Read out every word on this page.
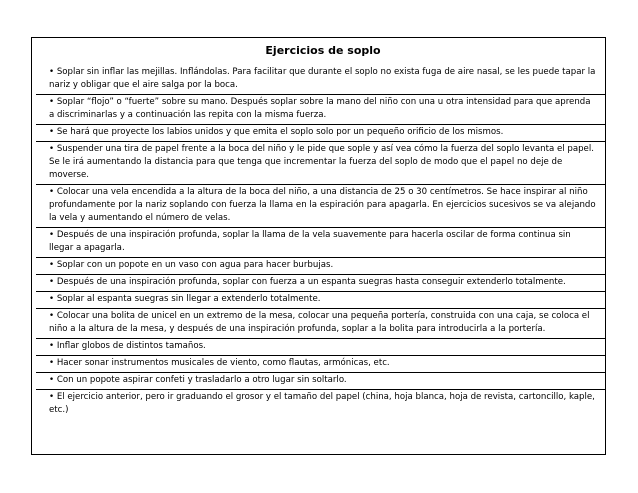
Ejercicios de soplo
• Soplar sin inflar las mejillas. Inflándolas. Para facilitar que durante el soplo no exista fuga de aire nasal, se les puede tapar la nariz y obligar que el aire salga por la boca.
• Soplar “flojo” o “fuerte” sobre su mano. Después soplar sobre la mano del niño con una u otra intensidad para que aprenda a discriminarlas y a continuación las repita con la misma fuerza.
• Se hará que proyecte los labios unidos y que emita el soplo solo por un pequeño orificio de los mismos.
• Suspender una tira de papel frente a la boca del niño y le pide que sople y así vea cómo la fuerza del soplo levanta el papel. Se le irá aumentando la distancia para que tenga que incrementar la fuerza del soplo de modo que el papel no deje de moverse.
• Colocar una vela encendida a la altura de la boca del niño, a una distancia de 25 o 30 centímetros. Se hace inspirar al niño profundamente por la nariz soplando con fuerza la llama en la espiración para apagarla. En ejercicios sucesivos se va alejando la vela y aumentando el número de velas.
• Después de una inspiración profunda, soplar la llama de la vela suavemente para hacerla oscilar de forma continua sin llegar a apagarla.
• Soplar con un popote en un vaso con agua para hacer burbujas.
• Después de una inspiración profunda, soplar con fuerza a un espanta suegras hasta conseguir extenderlo totalmente.
• Soplar al espanta suegras sin llegar a extenderlo totalmente.
• Colocar una bolita de unicel en un extremo de la mesa, colocar una pequeña portería, construida con una caja, se coloca el niño a la altura de la mesa, y después de una inspiración profunda, soplar a la bolita para introducirla a la portería.
• Inflar globos de distintos tamaños.
• Hacer sonar instrumentos musicales de viento, como flautas, armónicas, etc.
• Con un popote aspirar confeti y trasladarlo a otro lugar sin soltarlo.
• El ejercicio anterior, pero ir graduando el grosor y el tamaño del papel (china, hoja blanca, hoja de revista, cartoncillo, kaple, etc.)
